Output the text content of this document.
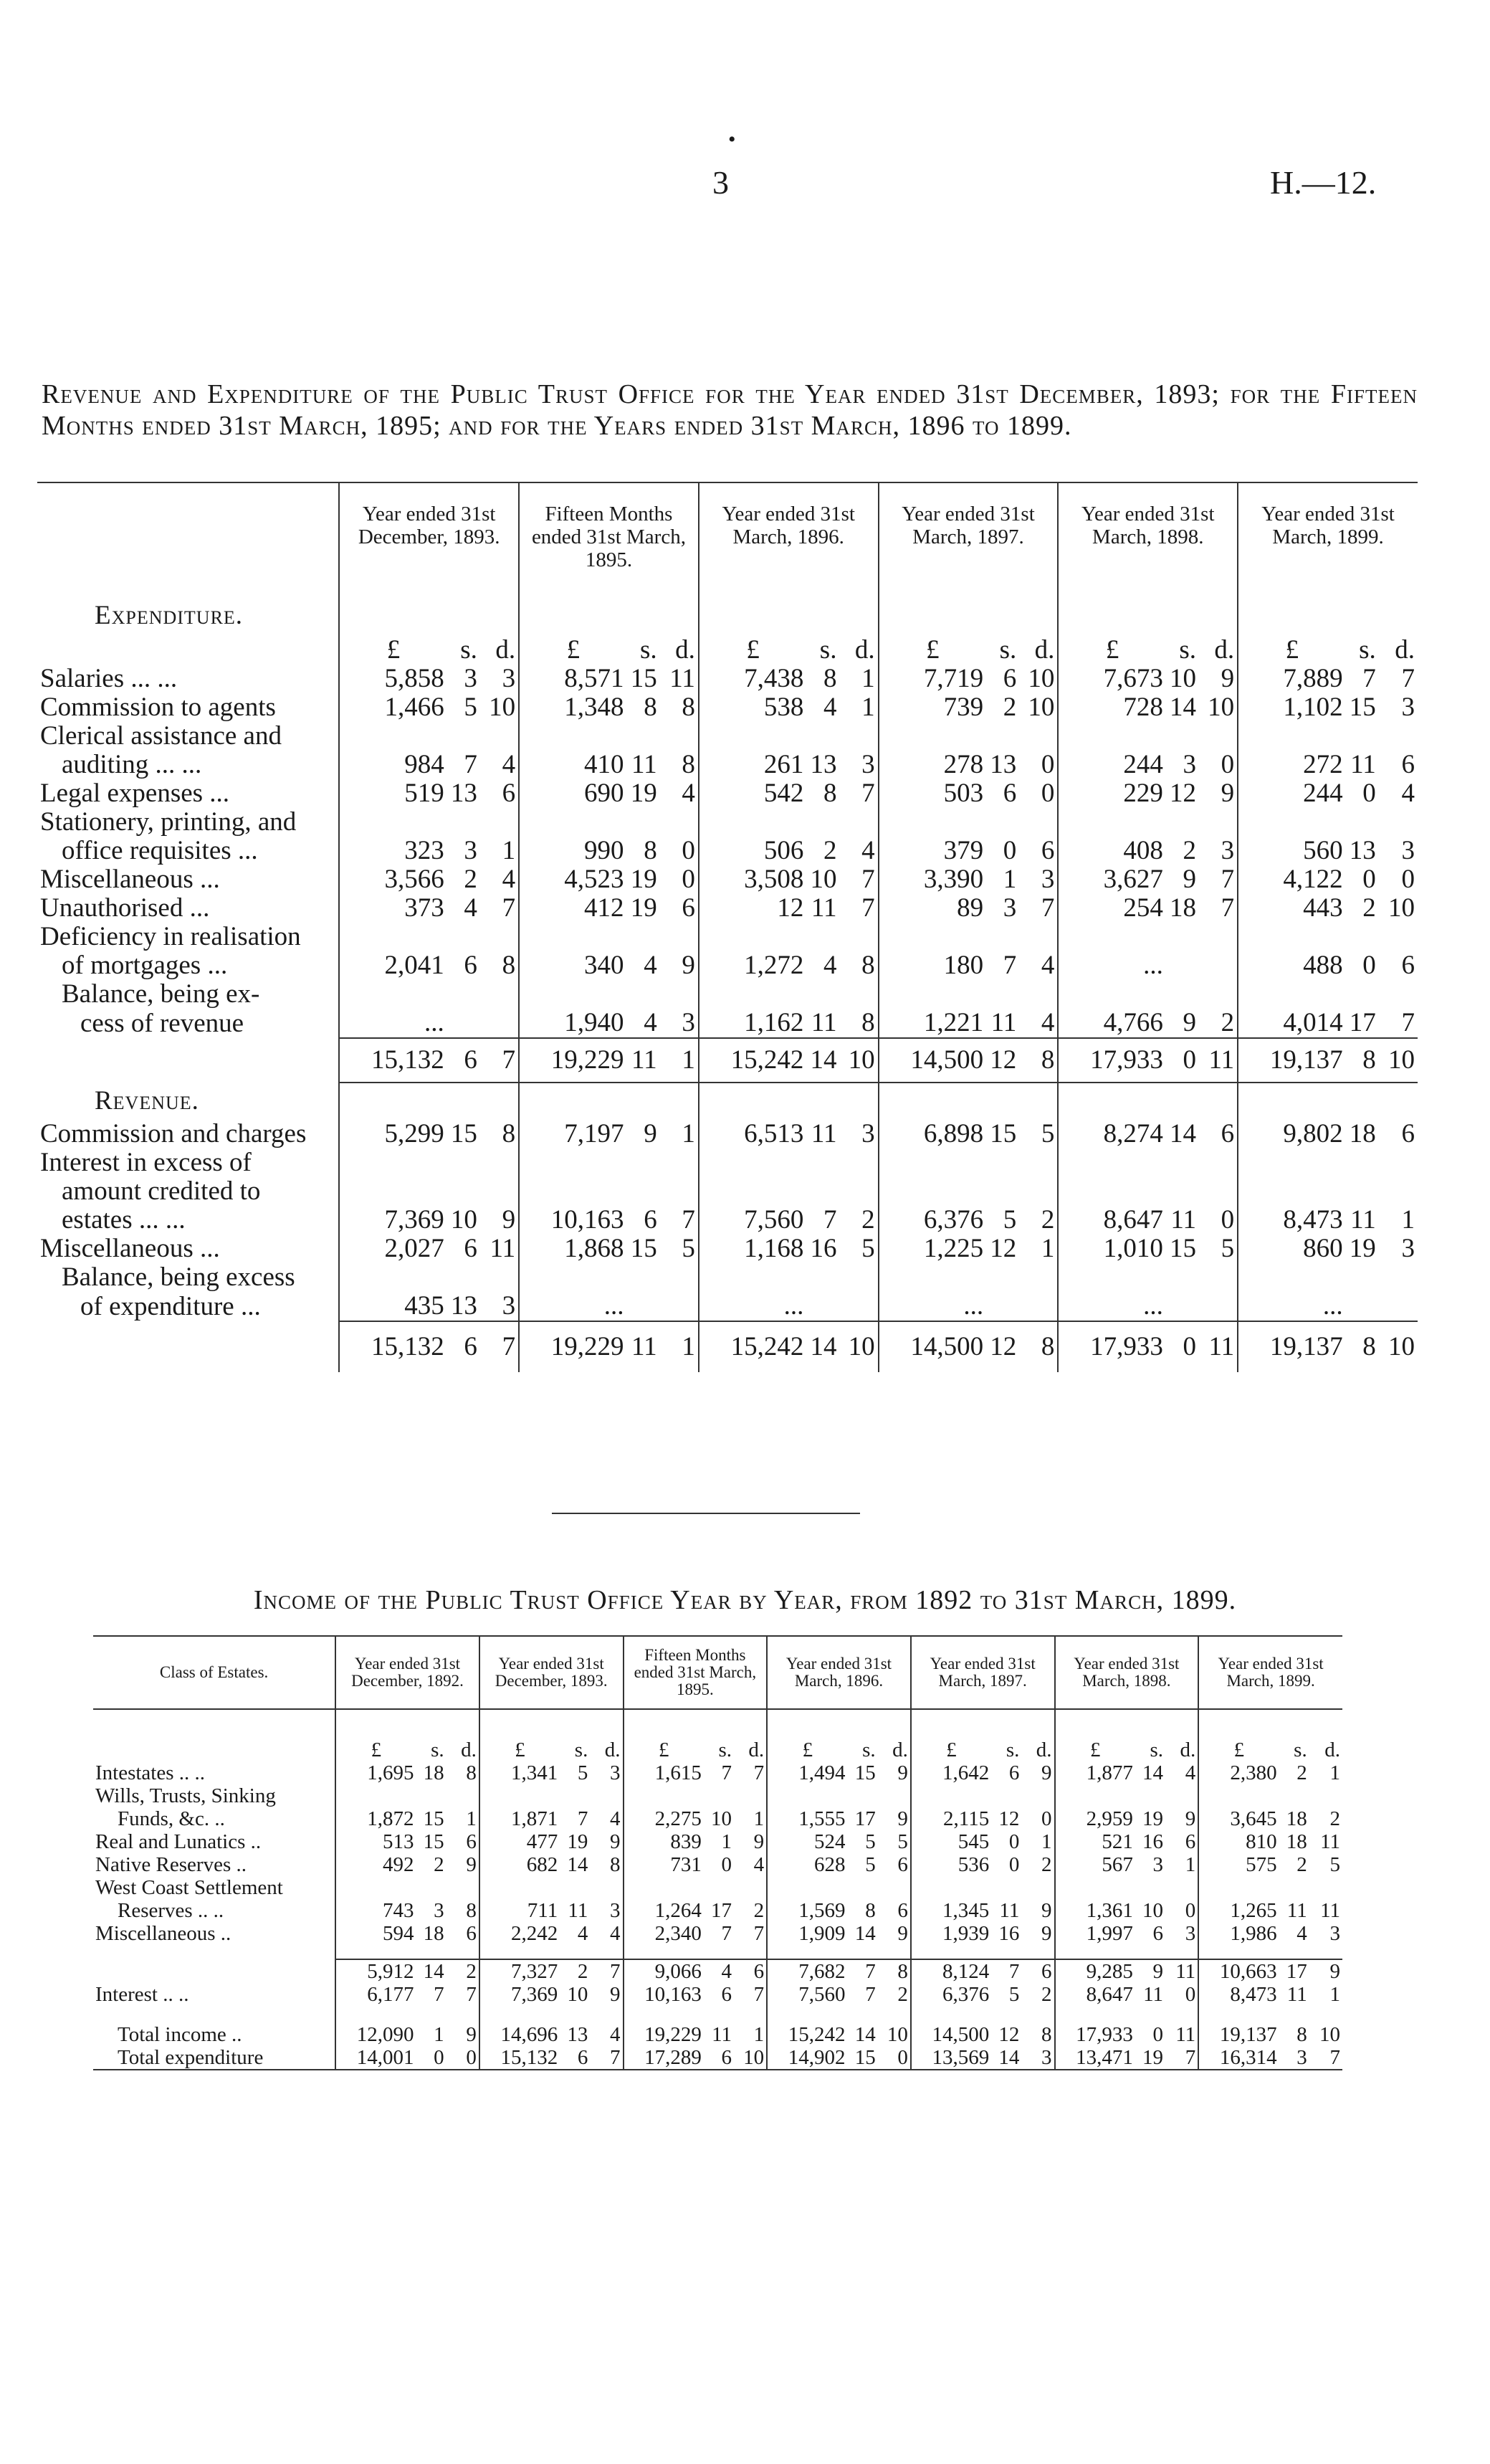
•
3	H.—12.
Revenue and Expenditure of the Public Trust Office for the Year ended 31st December, 1893; for the Fifteen Months ended 31st March, 1895; and for the Years ended 31st March, 1896 to 1899.
	Year ended 31st December, 1893.			Fifteen Months ended 31st March, 1895.			Year ended 31st March, 1896.			Year ended 31st March, 1897.			Year ended 31st March, 1898.			Year ended 31st March, 1899.		
Expenditure.																		
	£	s.	d.	£	s.	d.	£	s.	d.	£	s.	d.	£	s.	d.	£	s.	d.
Salaries ... ...	5,858	3	3	8,571	15	11	7,438	8	1	7,719	6	10	7,673	10	9	7,889	7	7
Commission to agents	1,466	5	10	1,348	8	8	538	4	1	739	2	10	728	14	10	1,102	15	3
Clerical assistance and																		
auditing ... ...	984	7	4	410	11	8	261	13	3	278	13	0	244	3	0	272	11	6
Legal expenses ...	519	13	6	690	19	4	542	8	7	503	6	0	229	12	9	244	0	4
Stationery, printing, and																		
office requisites ...	323	3	1	990	8	0	506	2	4	379	0	6	408	2	3	560	13	3
Miscellaneous ...	3,566	2	4	4,523	19	0	3,508	10	7	3,390	1	3	3,627	9	7	4,122	0	0
Unauthorised ...	373	4	7	412	19	6	12	11	7	89	3	7	254	18	7	443	2	10
Deficiency in realisation																		
of mortgages ...	2,041	6	8	340	4	9	1,272	4	8	180	7	4	...			488	0	6
Balance, being ex-																		
cess of revenue	...			1,940	4	3	1,162	11	8	1,221	11	4	4,766	9	2	4,014	17	7
	15,132	6	7	19,229	11	1	15,242	14	10	14,500	12	8	17,933	0	11	19,137	8	10
Revenue.																		
Commission and charges	5,299	15	8	7,197	9	1	6,513	11	3	6,898	15	5	8,274	14	6	9,802	18	6
Interest in excess of																		
amount credited to																		
estates ... ...	7,369	10	9	10,163	6	7	7,560	7	2	6,376	5	2	8,647	11	0	8,473	11	1
Miscellaneous ...	2,027	6	11	1,868	15	5	1,168	16	5	1,225	12	1	1,010	15	5	860	19	3
Balance, being excess																		
of expenditure ...	435	13	3	...			...			...			...			...		
	15,132	6	7	19,229	11	1	15,242	14	10	14,500	12	8	17,933	0	11	19,137	8	10
Income of the Public Trust Office Year by Year, from 1892 to 31st March, 1899.
Class of Estates.	Year ended 31st December, 1892.			Year ended 31st December, 1893.			Fifteen Months ended 31st March, 1895.			Year ended 31st March, 1896.			Year ended 31st March, 1897.			Year ended 31st March, 1898.			Year ended 31st March, 1899.		

	£	s.	d.	£	s.	d.	£	s.	d.	£	s.	d.	£	s.	d.	£	s.	d.	£	s.	d.
Intestates .. ..	1,695	18	8	1,341	5	3	1,615	7	7	1,494	15	9	1,642	6	9	1,877	14	4	2,380	2	1
Wills, Trusts, Sinking																					
Funds, &c. ..	1,872	15	1	1,871	7	4	2,275	10	1	1,555	17	9	2,115	12	0	2,959	19	9	3,645	18	2
Real and Lunatics ..	513	15	6	477	19	9	839	1	9	524	5	5	545	0	1	521	16	6	810	18	11
Native Reserves ..	492	2	9	682	14	8	731	0	4	628	5	6	536	0	2	567	3	1	575	2	5
West Coast Settlement																					
Reserves .. ..	743	3	8	711	11	3	1,264	17	2	1,569	8	6	1,345	11	9	1,361	10	0	1,265	11	11
Miscellaneous ..	594	18	6	2,242	4	4	2,340	7	7	1,909	14	9	1,939	16	9	1,997	6	3	1,986	4	3

	5,912	14	2	7,327	2	7	9,066	4	6	7,682	7	8	8,124	7	6	9,285	9	11	10,663	17	9
Interest .. ..	6,177	7	7	7,369	10	9	10,163	6	7	7,560	7	2	6,376	5	2	8,647	11	0	8,473	11	1

Total income ..	12,090	1	9	14,696	13	4	19,229	11	1	15,242	14	10	14,500	12	8	17,933	0	11	19,137	8	10
Total expenditure	14,001	0	0	15,132	6	7	17,289	6	10	14,902	15	0	13,569	14	3	13,471	19	7	16,314	3	7
